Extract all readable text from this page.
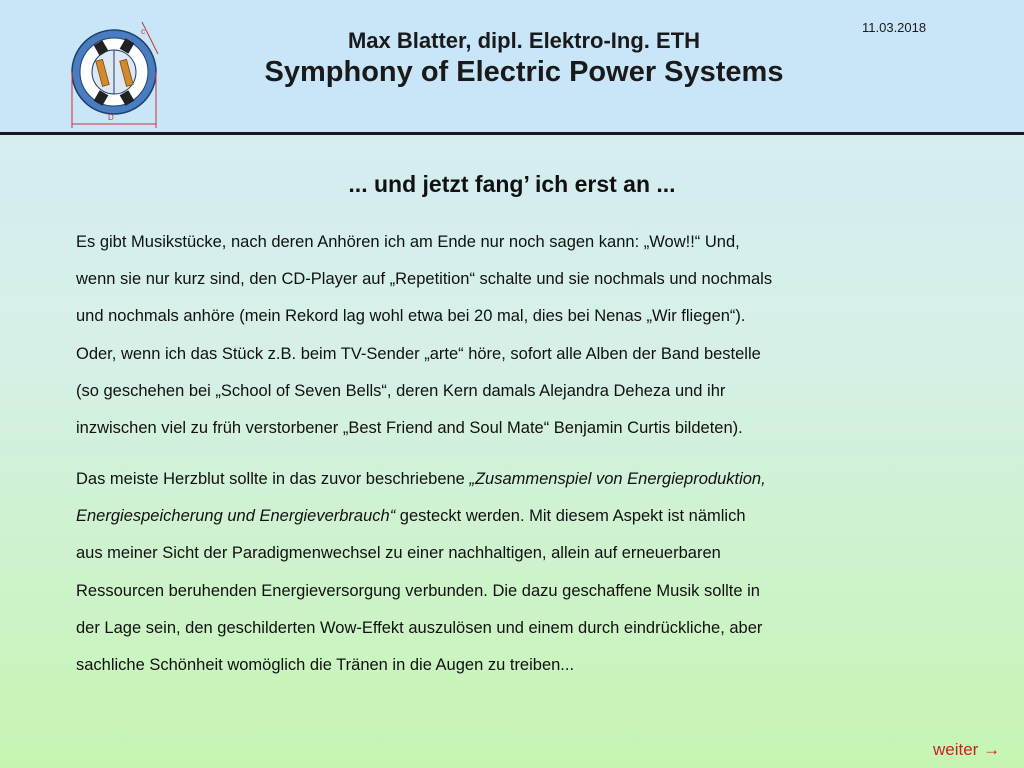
c
D
11.03.2018
Max Blatter, dipl. Elektro-Ing. ETH
Symphony of Electric Power Systems
... und jetzt fang’ ich erst an ...
Es gibt Musikstücke, nach deren Anhören ich am Ende nur noch sagen kann: „Wow!!“ Und,
wenn sie nur kurz sind, den CD-Player auf „Repetition“ schalte und sie nochmals und nochmals
und nochmals anhöre (mein Rekord lag wohl etwa bei 20 mal, dies bei Nenas „Wir fliegen“).
Oder, wenn ich das Stück z.B. beim TV-Sender „arte“ höre, sofort alle Alben der Band bestelle
(so geschehen bei „School of Seven Bells“, deren Kern damals Alejandra Deheza und ihr
inzwischen viel zu früh verstorbener „Best Friend and Soul Mate“ Benjamin Curtis bildeten).
Das meiste Herzblut sollte in das zuvor beschriebene „Zusammenspiel von Energieproduktion,
Energiespeicherung und Energieverbrauch“ gesteckt werden. Mit diesem Aspekt ist nämlich
aus meiner Sicht der Paradigmenwechsel zu einer nachhaltigen, allein auf erneuerbaren
Ressourcen beruhenden Energieversorgung verbunden. Die dazu geschaffene Musik sollte in
der Lage sein, den geschilderten Wow-Effekt auszulösen und einem durch eindrückliche, aber
sachliche Schönheit womöglich die Tränen in die Augen zu treiben...
weiter →
